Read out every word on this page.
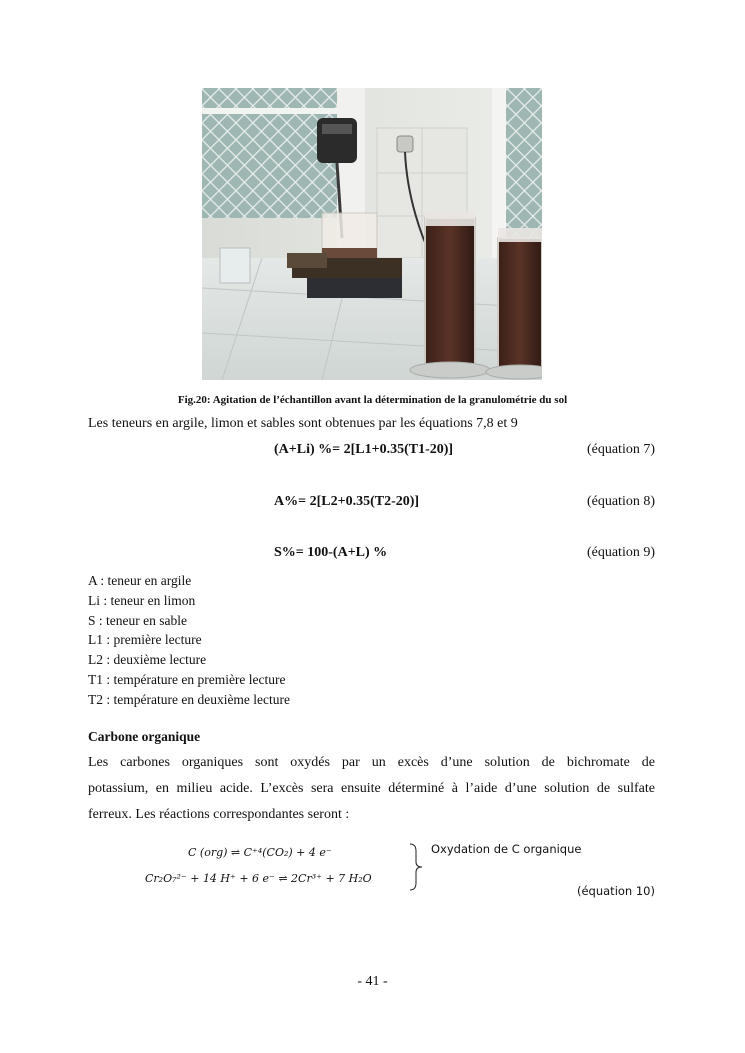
Fig.20: Agitation de l’échantillon avant la détermination de la granulométrie du sol
Les teneurs en argile, limon et sables sont obtenues par les équations 7,8 et 9
(A+Li) %= 2[L1+0.35(T1-20)]	(équation 7)
A%= 2[L2+0.35(T2-20)]	(équation 8)
S%= 100-(A+L) %	(équation 9)
A : teneur en argile
Li : teneur en limon
S : teneur en sable
L1 : première lecture
L2 : deuxième lecture
T1 : température en première lecture
T2 : température en deuxième lecture
Carbone organique
Les carbones organiques sont oxydés par un excès d’une solution de bichromate de
potassium, en milieu acide. L’excès sera ensuite déterminé à l’aide d’une solution de sulfate
ferreux. Les réactions correspondantes seront :
C (org) ⇌ C⁺⁴(CO₂) + 4 e⁻
Cr₂O₇²⁻ + 14 H⁺ + 6 e⁻ ⇌ 2Cr³⁺ + 7 H₂O
Oxydation de C organique
(équation 10)
- 41 -
